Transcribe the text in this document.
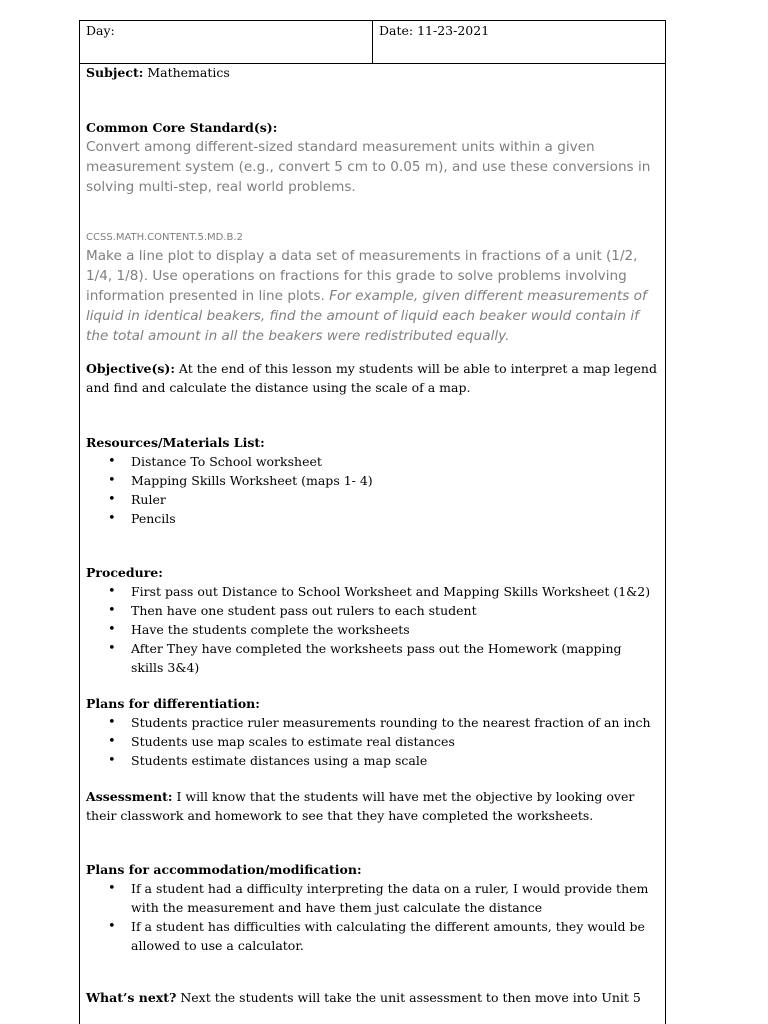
Day:	Date: 11-23-2021
Subject: Mathematics
Common Core Standard(s):
Convert among different-sized standard measurement units within a given measurement system (e.g., convert 5 cm to 0.05 m), and use these conversions in solving multi-step, real world problems.
CCSS.MATH.CONTENT.5.MD.B.2
Make a line plot to display a data set of measurements in fractions of a unit (1/2, 1/4, 1/8). Use operations on fractions for this grade to solve problems involving information presented in line plots. For example, given different measurements of liquid in identical beakers, find the amount of liquid each beaker would contain if the total amount in all the beakers were redistributed equally.
Objective(s): At the end of this lesson my students will be able to interpret a map legend and find and calculate the distance using the scale of a map.
Resources/Materials List:
• Distance To School worksheet
• Mapping Skills Worksheet (maps 1- 4)
• Ruler
• Pencils
Procedure:
• First pass out Distance to School Worksheet and Mapping Skills Worksheet (1&2)
• Then have one student pass out rulers to each student
• Have the students complete the worksheets
• After They have completed the worksheets pass out the Homework (mapping skills 3&4)
Plans for differentiation:
• Students practice ruler measurements rounding to the nearest fraction of an inch
• Students use map scales to estimate real distances
• Students estimate distances using a map scale
Assessment: I will know that the students will have met the objective by looking over their classwork and homework to see that they have completed the worksheets.
Plans for accommodation/modification:
• If a student had a difficulty interpreting the data on a ruler, I would provide them with the measurement and have them just calculate the distance
• If a student has difficulties with calculating the different amounts, they would be allowed to use a calculator.
What’s next? Next the students will take the unit assessment to then move into Unit 5
